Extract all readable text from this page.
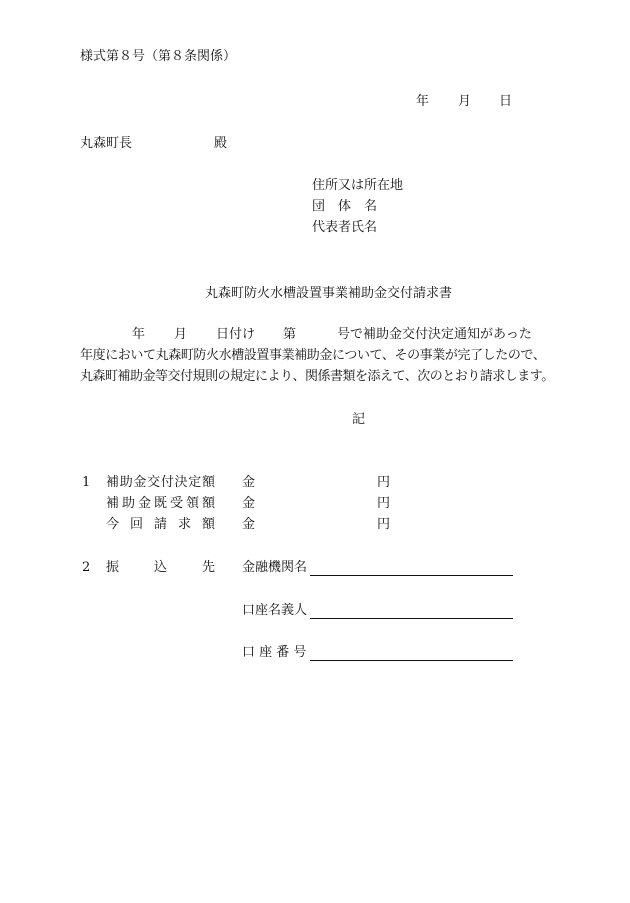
様式第８号（第８条関係）
年 月 日
丸森町長	殿
住所又は所在地
団　体　名
代表者氏名
丸森町防火水槽設置事業補助金交付請求書
年 月 日付け 第	号で補助金交付決定通知があった
年度において丸森町防火水槽設置事業補助金について、その事業が完了したので、
丸森町補助金等交付規則の規定により、関係書類を添えて、次のとおり請求します。
記
1 補助金交付決定額 金	円
補助金既受領額 金	円
今回請求額 金	円
2 振	込	先 金融機関名
口座名義人
口 座 番 号
